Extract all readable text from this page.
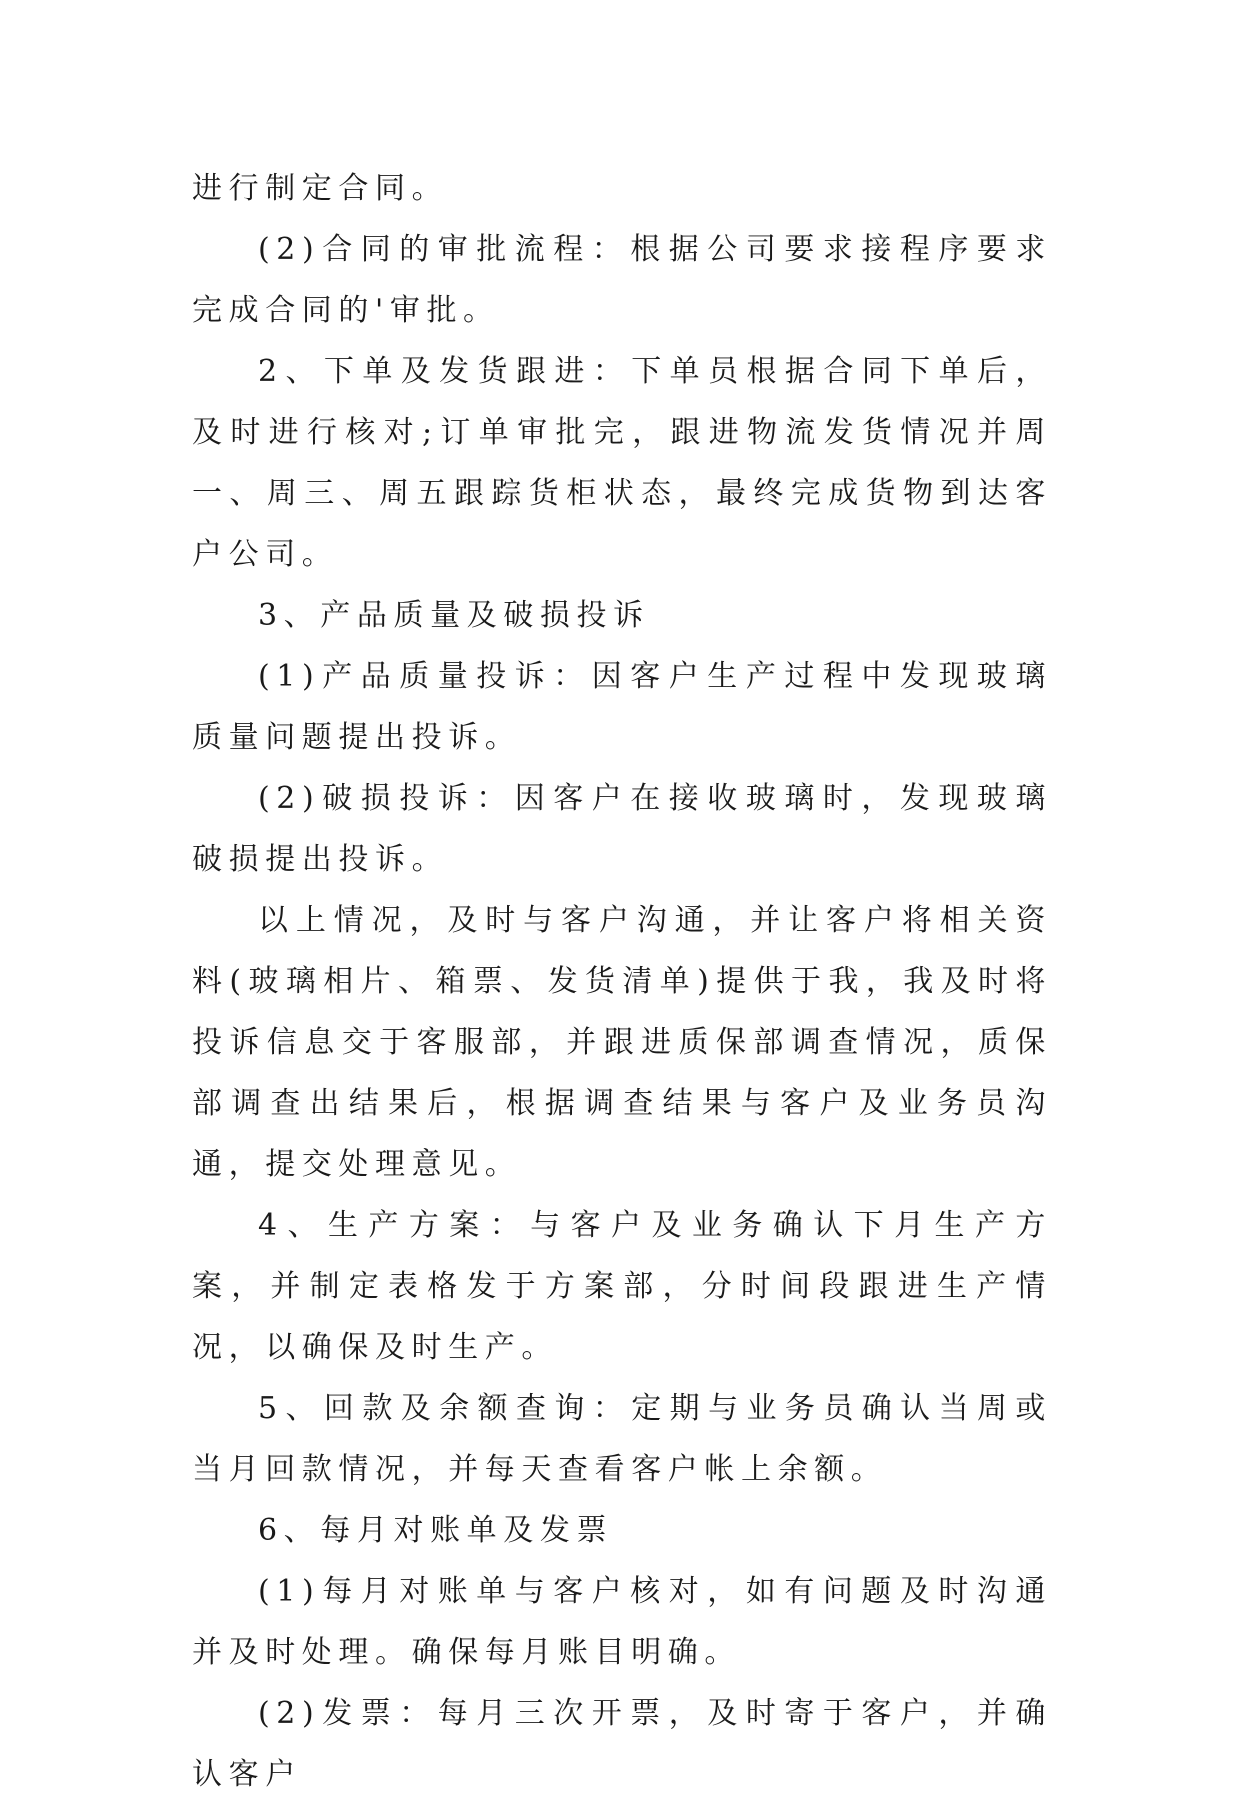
进行制定合同。

(2)合同的审批流程：根据公司要求接程序要求完成合同的'审批。

2、下单及发货跟进：下单员根据合同下单后，及时进行核对;订单审批完，跟进物流发货情况并周一、周三、周五跟踪货柜状态，最终完成货物到达客户公司。

3、产品质量及破损投诉

(1)产品质量投诉：因客户生产过程中发现玻璃质量问题提出投诉。

(2)破损投诉：因客户在接收玻璃时，发现玻璃破损提出投诉。

以上情况，及时与客户沟通，并让客户将相关资料(玻璃相片、箱票、发货清单)提供于我，我及时将投诉信息交于客服部，并跟进质保部调查情况，质保部调查出结果后，根据调查结果与客户及业务员沟通，提交处理意见。

4、生产方案：与客户及业务确认下月生产方案，并制定表格发于方案部，分时间段跟进生产情况，以确保及时生产。

5、回款及余额查询：定期与业务员确认当周或当月回款情况，并每天查看客户帐上余额。

6、每月对账单及发票

(1)每月对账单与客户核对，如有问题及时沟通并及时处理。确保每月账目明确。

(2)发票：每月三次开票，及时寄于客户，并确认客户
